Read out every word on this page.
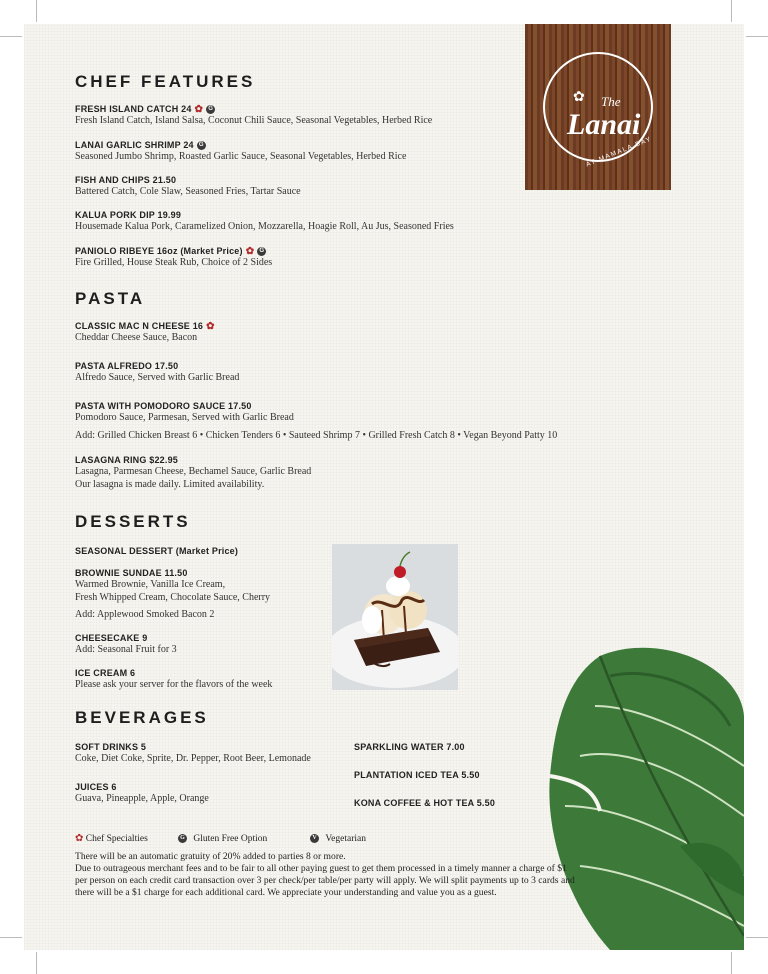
The
Lanai
AT MAMALA BAY
✿
CHEF FEATURES
FRESH ISLAND CATCH 24 ✿ G
Fresh Island Catch, Island Salsa, Coconut Chili Sauce, Seasonal Vegetables, Herbed Rice
LANAI GARLIC SHRIMP 24 G
Seasoned Jumbo Shrimp, Roasted Garlic Sauce, Seasonal Vegetables, Herbed Rice
FISH AND CHIPS 21.50
Battered Catch, Cole Slaw, Seasoned Fries, Tartar Sauce
KALUA PORK DIP 19.99
Housemade Kalua Pork, Caramelized Onion, Mozzarella, Hoagie Roll, Au Jus, Seasoned Fries
PANIOLO RIBEYE 16oz (Market Price) ✿ G
Fire Grilled, House Steak Rub, Choice of 2 Sides
PASTA
CLASSIC MAC N CHEESE 16 ✿
Cheddar Cheese Sauce, Bacon
PASTA ALFREDO 17.50
Alfredo Sauce, Served with Garlic Bread
PASTA WITH POMODORO SAUCE 17.50
Pomodoro Sauce, Parmesan, Served with Garlic Bread
Add: Grilled Chicken Breast 6 • Chicken Tenders 6 • Sauteed Shrimp 7 • Grilled Fresh Catch 8 • Vegan Beyond Patty 10
LASAGNA RING $22.95
Lasagna, Parmesan Cheese, Bechamel Sauce, Garlic Bread
Our lasagna is made daily. Limited availability.
DESSERTS
SEASONAL DESSERT (Market Price)
BROWNIE SUNDAE 11.50
Warmed Brownie, Vanilla Ice Cream,
Fresh Whipped Cream, Chocolate Sauce, Cherry
Add: Applewood Smoked Bacon 2
CHEESECAKE 9
Add: Seasonal Fruit for 3
ICE CREAM 6
Please ask your server for the flavors of the week
BEVERAGES
SOFT DRINKS 5
Coke, Diet Coke, Sprite, Dr. Pepper, Root Beer, Lemonade
JUICES 6
Guava, Pineapple, Apple, Orange
SPARKLING WATER 7.00
PLANTATION ICED TEA 5.50
KONA COFFEE & HOT TEA 5.50
✿ Chef Specialties	G Gluten Free Option	V Vegetarian
There will be an automatic gratuity of 20% added to parties 8 or more.
Due to outrageous merchant fees and to be fair to all other paying guest to get them processed in a timely manner a charge of $1 per person on each credit card transaction over 3 per check/per table/per party will apply. We will split payments up to 3 cards and there will be a $1 charge for each additional card. We appreciate your understanding and value you as a guest.
